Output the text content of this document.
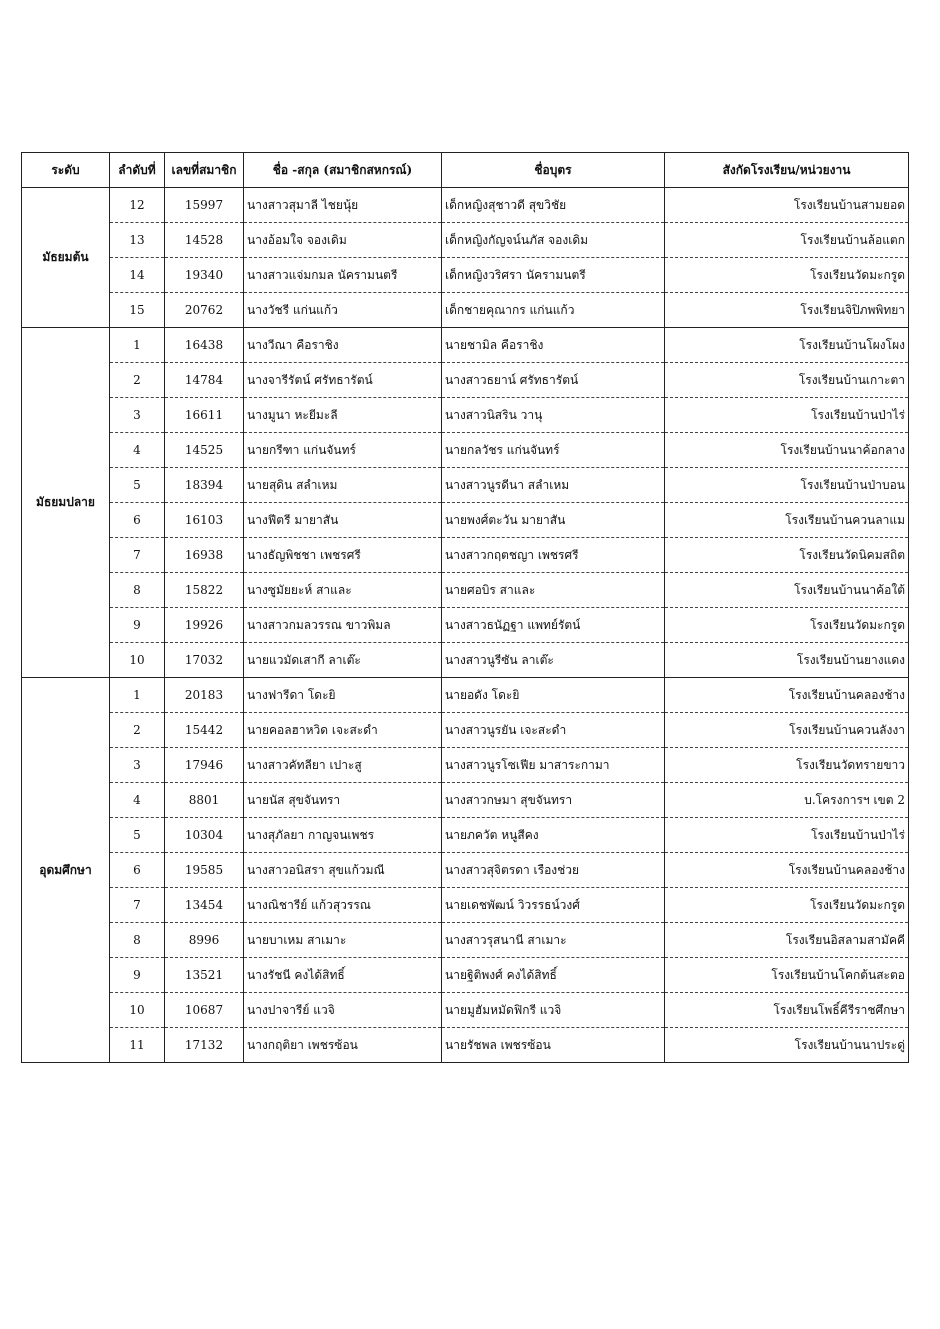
ระดับ	ลำดับที่	เลขที่สมาชิก	ชื่อ -สกุล (สมาชิกสหกรณ์)	ชื่อบุตร	สังกัดโรงเรียน/หน่วยงาน
มัธยมต้น	12	15997	นางสาวสุมาลี ไชยนุ้ย	เด็กหญิงสุชาวดี สุขวิชัย	โรงเรียนบ้านสามยอด
	13	14528	นางอ้อมใจ จองเดิม	เด็กหญิงกัญจน์นภัส จองเดิม	โรงเรียนบ้านล้อแตก
	14	19340	นางสาวแจ่มกมล นัครามนตรี	เด็กหญิงวริศรา นัครามนตรี	โรงเรียนวัดมะกรูด
	15	20762	นางวัชรี แก่นแก้ว	เด็กชายคุณากร แก่นแก้ว	โรงเรียนจิปิภพพิทยา
มัธยมปลาย	1	16438	นางวีณา คือราชิง	นายชามิล คือราชิง	โรงเรียนบ้านโผงโผง
	2	14784	นางจารีรัตน์ ศรัทธารัตน์	นางสาวธยาน์ ศรัทธารัตน์	โรงเรียนบ้านเกาะตา
	3	16611	นางมูนา หะยีมะลี	นางสาวนิสริน วานุ	โรงเรียนบ้านป่าไร่
	4	14525	นายกรีฑา แก่นจันทร์	นายกลวัชร แก่นจันทร์	โรงเรียนบ้านนาค้อกลาง
	5	18394	นายสุดิน สลำเหม	นางสาวนูรดีนา สลำเหม	โรงเรียนบ้านป่าบอน
	6	16103	นางฟีตรี มายาสัน	นายพงศ์ตะวัน มายาสัน	โรงเรียนบ้านควนลาแม
	7	16938	นางธัญพิชชา เพชรศรี	นางสาวกฤตชญา เพชรศรี	โรงเรียนวัดนิคมสถิต
	8	15822	นางซูมัยยะห์ สาและ	นายศอบิร สาและ	โรงเรียนบ้านนาค้อใต้
	9	19926	นางสาวกมลวรรณ ขาวพิมล	นางสาวธนัฏฐา แพทย์รัตน์	โรงเรียนวัดมะกรูด
	10	17032	นายแวมัดเสากี ลาเต๊ะ	นางสาวนูรีซัน ลาเต๊ะ	โรงเรียนบ้านยางแดง
อุดมศึกษา	1	20183	นางฟารีดา โดะยิ	นายอดัง โดะยิ	โรงเรียนบ้านคลองช้าง
	2	15442	นายคอลฮาหวิด เจะสะดำ	นางสาวนูรยัน เจะสะดำ	โรงเรียนบ้านควนลังงา
	3	17946	นางสาวคัทลียา เปาะสู	นางสาวนูรโซเฟีย มาสาระกามา	โรงเรียนวัดทรายขาว
	4	8801	นายนัส สุขจันทรา	นางสาวกษมา สุขจันทรา	บ.โครงการฯ เขต 2
	5	10304	นางสุภัลยา กาญจนเพชร	นายภควัต หนูสีคง	โรงเรียนบ้านป่าไร่
	6	19585	นางสาวอนิสรา สุขแก้วมณี	นางสาวสุจิตรดา เรืองช่วย	โรงเรียนบ้านคลองช้าง
	7	13454	นางณิชารีย์ แก้วสุวรรณ	นายเดชพัฒน์ วิวรรธน์วงศ์	โรงเรียนวัดมะกรูด
	8	8996	นายบาเหม สาเมาะ	นางสาวรุสนานี สาเมาะ	โรงเรียนอิสลามสามัคคี
	9	13521	นางรัชนี คงได้สิทธิ์	นายฐิติพงศ์ คงได้สิทธิ์	โรงเรียนบ้านโคกต้นสะตอ
	10	10687	นางปาจารีย์ แวจิ	นายมูฮัมหมัดฟิกรี แวจิ	โรงเรียนโพธิ์คีรีราชศึกษา
	11	17132	นางกฤติยา เพชรซ้อน	นายรัชพล เพชรซ้อน	โรงเรียนบ้านนาประดู่
